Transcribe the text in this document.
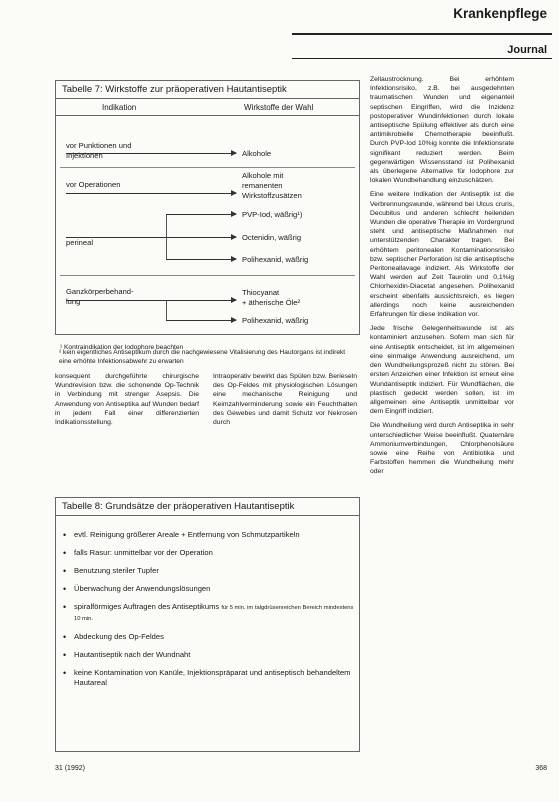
Krankenpflege
Journal
Tabelle 7: Wirkstoffe zur präoperativen Hautantiseptik
Indikation	Wirkstoffe der Wahl
vor Punktionen und
Injektionen
vor Operationen
perineal
Ganzkörperbehand-
lung
Alkohole
Alkohole mit
remanenten
Wirkstoffzusätzen
PVP-Iod, wäßrig¹)
Octenidin, wäßrig
Polihexanid, wäßrig
Thiocyanat
+ ätherische Öle²
Polihexanid, wäßrig
¹ Kontraindikation der Iodophore beachten
² kein eigentliches Antiseptikum durch die nachgewiesene Vitalisierung des Hautorgans ist indirekt eine erhöhte Infektionsabwehr zu erwarten
konsequent durchgeführte chirurgische Wundrevision bzw. die schonende Op-Technik in Verbindung mit strenger Asepsis. Die Anwendung von Antiseptika auf Wunden bedarf in jedem Fall einer differenzierten Indikationsstellung.
Intraoperativ bewirkt das Spülen bzw. Berieseln des Op-Feldes mit physiologischen Lösungen eine mechanische Reinigung und Keimzahlverminderung sowie ein Feuchthalten des Gewebes und damit Schutz vor Nekrosen durch

Zellaustrocknung. Bei erhöhtem Infektionsrisiko, z.B. bei ausgedehnten traumatischen Wunden und eigenanteil septischen Eingriffen, wird die Inzidenz postoperativer Wundinfektionen durch lokale antiseptische Spülung effektiver als durch eine antimikrobielle Chemotherapie beeinflußt. Durch PVP-Iod 10%ig konnte die Infektionsrate signifikant reduziert werden. Beim gegenwärtigen Wissensstand ist Polihexanid als überlegene Alternative für Iodophore zur lokalen Wundbehandlung einzuschätzen.

Eine weitere Indikation der Antiseptik ist die Verbrennungswunde, während bei Ulcus cruris, Decubitus und anderen schlecht heilenden Wunden die operative Therapie im Vordergrund steht und antiseptische Maßnahmen nur unterstützenden Charakter tragen. Bei erhöhtem peritonealen Kontaminationsrisiko bzw. septischer Perforation ist die antiseptische Peritoneallavage indiziert. Als Wirkstoffe der Wahl werden auf Zeit Taurolin und 0,1%ig Chlorhexidin-Diacetat angesehen. Polihexanid erscheint ebenfalls aussichtsreich, es liegen allerdings noch keine ausreichenden Erfahrungen für diese Indikation vor.

Jede frische Gelegenheitswunde ist als kontaminiert anzusehen. Sofern man sich für eine Antiseptik entscheidet, ist im allgemeinen eine einmalige Anwendung ausreichend, um den Wundheilungsprozeß nicht zu stören. Bei ersten Anzeichen einer Infektion ist erneut eine Wundantiseptik indiziert. Für Wundflächen, die plastisch gedeckt werden sollen, ist im allgemeinen eine Antiseptik unmittelbar vor dem Eingriff indiziert.

Die Wundheilung wird durch Antiseptika in sehr unterschiedlicher Weise beeinflußt. Quaternäre Ammoniumverbindungen, Chlorphenolsäure sowie eine Reihe von Antibiotika und Farbstoffen hemmen die Wundheilung mehr oder

Tabelle 8: Grundsätze der präoperativen Hautantiseptik
• evtl. Reinigung größerer Areale + Entfernung von Schmutzpartikeln
• falls Rasur: unmittelbar vor der Operation
• Benutzung steriler Tupfer
• Überwachung der Anwendungslösungen
• spiralförmiges Auftragen des Antiseptikums für 5 min. im talgdrüsenreichen Bereich mindestens 10 min.
• Abdeckung des Op-Feldes
• Hautantiseptik nach der Wundnaht
• keine Kontamination von Kanüle, Injektionspräparat und antiseptisch behandeltem Hautareal
31 (1992)	368
